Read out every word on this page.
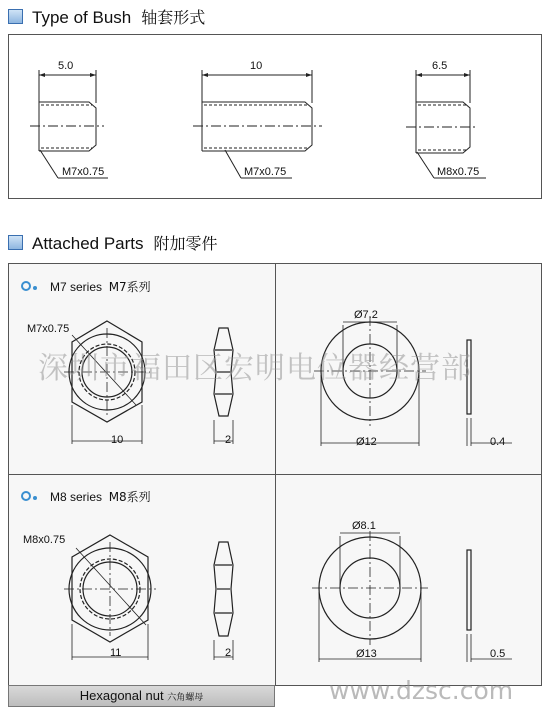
Type of Bush 轴套形式
5.0
M7x0.75
10
M7x0.75
6.5
M8x0.75
Attached Parts 附加零件
M7 series M7系列
M8 series M8系列
M7x0.75
10	2
Ø7.2
Ø12	0.4
M8x0.75
11	2
Ø8.1
Ø13	0.5
深圳市福田区宏明电位器经营部
www.dzsc.com
Hexagonal nut 六角螺母
